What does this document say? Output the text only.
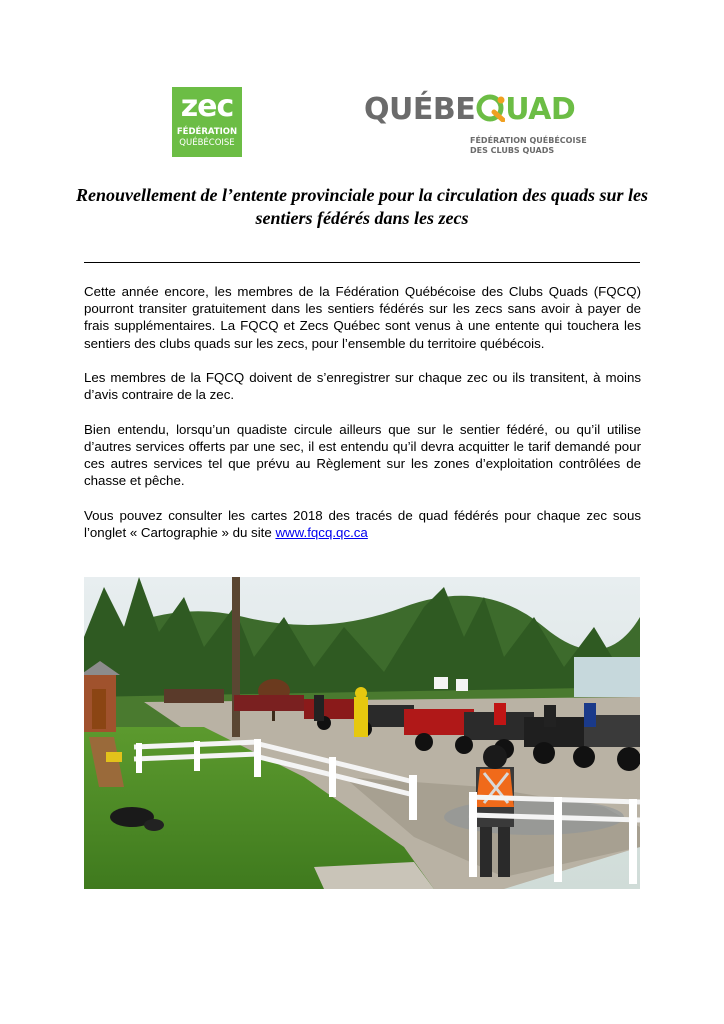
zec
FÉDÉRATION
QUÉBÉCOISE
QUÉBE UAD
FÉDÉRATION QUÉBÉCOISE
DES CLUBS QUADS
Renouvellement de l’entente provinciale pour la circulation des quads sur les sentiers fédérés dans les zecs

Cette année encore, les membres de la Fédération Québécoise des Clubs Quads (FQCQ) pourront transiter gratuitement dans les sentiers fédérés sur les zecs sans avoir à payer de frais supplémentaires. La FQCQ et Zecs Québec sont venus à une entente qui touchera les sentiers des clubs quads sur les zecs, pour l’ensemble du territoire québécois.

Les membres de la FQCQ doivent de s’enregistrer sur chaque zec ou ils transitent, à moins d’avis contraire de la zec.

Bien entendu, lorsqu’un quadiste circule ailleurs que sur le sentier fédéré, ou qu’il utilise d’autres services offerts par une sec, il est entendu qu’il devra acquitter le tarif demandé pour ces autres services tel que prévu au Règlement sur les zones d’exploitation contrôlées de chasse et pêche.

Vous pouvez consulter les cartes 2018 des tracés de quad fédérés pour chaque zec sous l’onglet « Cartographie » du site www.fqcq.qc.ca
